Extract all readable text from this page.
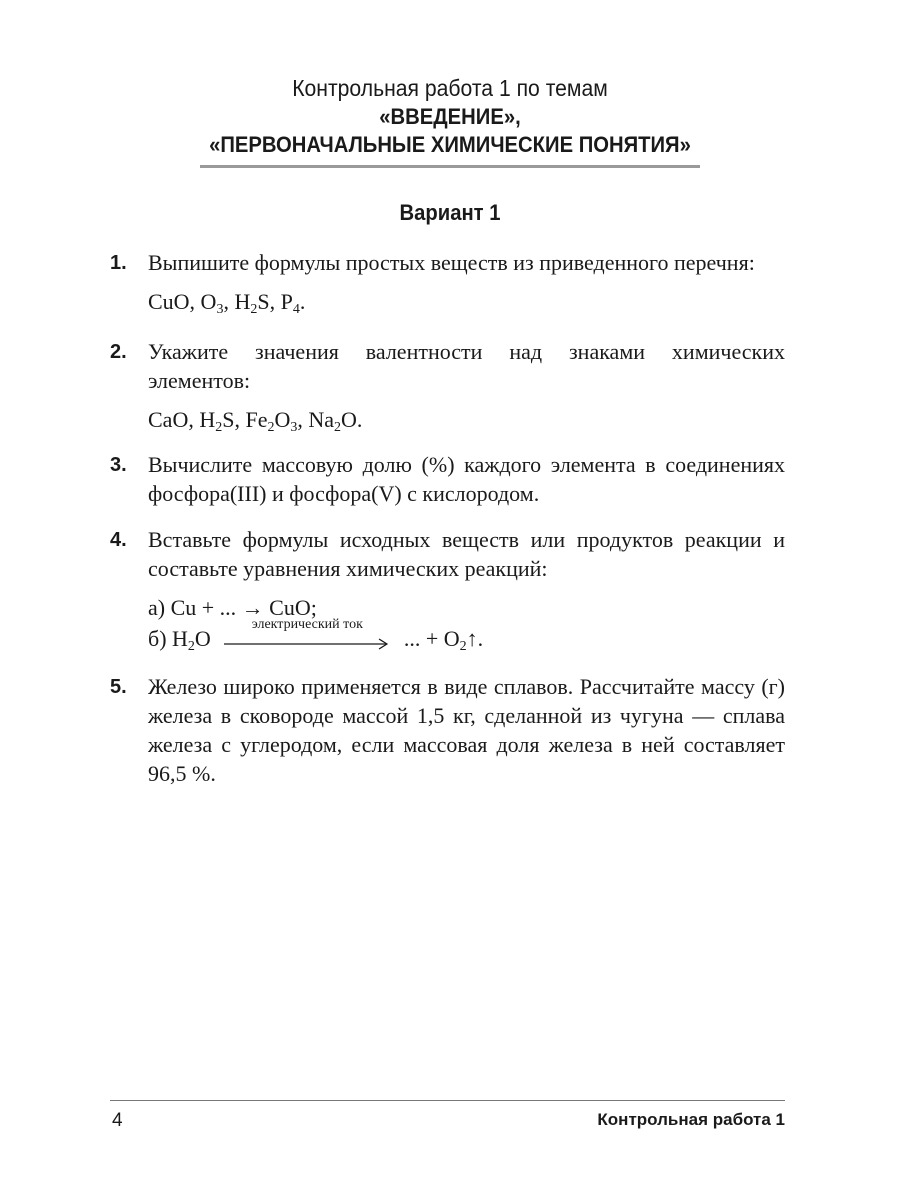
Контрольная работа 1 по темам
«ВВЕДЕНИЕ»,
«ПЕРВОНАЧАЛЬНЫЕ ХИМИЧЕСКИЕ ПОНЯТИЯ»
Вариант 1
1. Выпишите формулы простых веществ из приведенного перечня:

CuO, $O_3$, $H_2S$, $P_4$.
2. Укажите значения валентности над знаками химических элементов:

CaO, $H_2S$, $Fe_2O_3$, $Na_2O$.
3. Вычислите массовую долю (%) каждого элемента в соединениях фосфора(III) и фосфора(V) с кислородом.

4. Вставьте формулы исходных веществ или продуктов реакции и составьте уравнения химических реакций:

а) Cu + ... → CuO;
б) $H_2O$
электрический ток
... + $O_2↑$.
5. Железо широко применяется в виде сплавов. Рассчитайте массу (г) железа в сковороде массой 1,5 кг, сделанной из чугуна — сплава железа с углеродом, если массовая доля железа в ней составляет 96,5 %.

4	Контрольная работа 1
